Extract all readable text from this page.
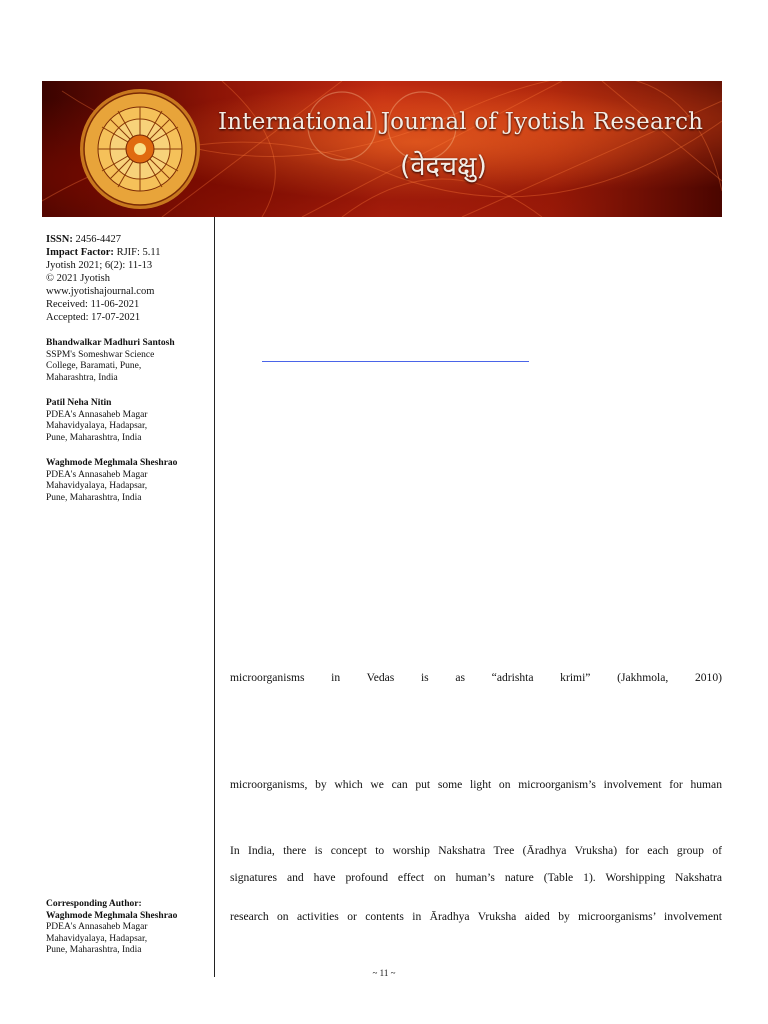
International Journal of Jyotish Research
(वेदचक्षु)
ISSN: 2456-4427
Impact Factor: RJIF: 5.11
Jyotish 2021; 6(2): 11-13
© 2021 Jyotish
www.jyotishajournal.com
Received: 11-06-2021
Accepted: 17-07-2021
Bhandwalkar Madhuri Santosh
SSPM's Someshwar Science
College, Baramati, Pune,
Maharashtra, India
Patil Neha Nitin
PDEA's Annasaheb Magar
Mahavidyalaya, Hadapsar,
Pune, Maharashtra, India
Waghmode Meghmala Sheshrao
PDEA's Annasaheb Magar
Mahavidyalaya, Hadapsar,
Pune, Maharashtra, India
Corresponding Author:
Waghmode Meghmala Sheshrao
PDEA's Annasaheb Magar
Mahavidyalaya, Hadapsar,
Pune, Maharashtra, India
microorganisms in Vedas is as “adrishta krimi” (Jakhmola, 2010)
microorganisms, by which we can put some light on microorganism’s involvement for human
In India, there is concept to worship Nakshatra Tree (Āradhya Vruksha) for each group of
signatures and have profound effect on human’s nature (Table 1). Worshipping Nakshatra
research on activities or contents in Āradhya Vruksha aided by microorganisms’ involvement
~ 11 ~
